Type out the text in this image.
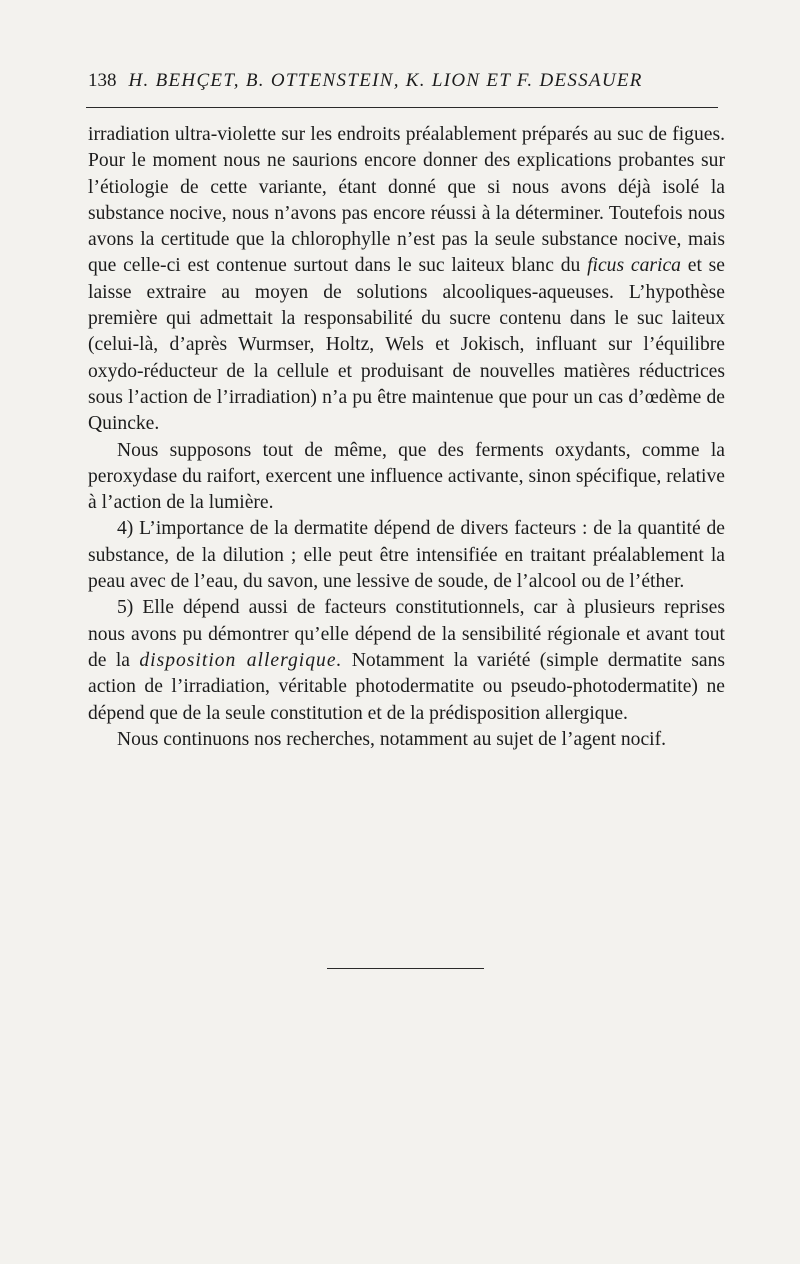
138 H. BEHÇET, B. OTTENSTEIN, K. LION ET F. DESSAUER

irradiation ultra-violette sur les endroits préalablement préparés au suc de figues. Pour le moment nous ne saurions encore donner des explications probantes sur l’étiologie de cette variante, étant donné que si nous avons déjà isolé la substance nocive, nous n’avons pas encore réussi à la déterminer. Toutefois nous avons la certitude que la chlorophylle n’est pas la seule substance nocive, mais que celle-ci est contenue surtout dans le suc laiteux blanc du ficus carica et se laisse extraire au moyen de solutions alcooliques-aqueuses. L’hypothèse première qui admettait la responsabilité du sucre contenu dans le suc laiteux (celui-là, d’après Wurmser, Holtz, Wels et Jokisch, influant sur l’équilibre oxydo-réducteur de la cellule et produisant de nouvelles matières réductrices sous l’action de l’irradiation) n’a pu être maintenue que pour un cas d’œdème de Quincke.

Nous supposons tout de même, que des ferments oxydants, comme la peroxydase du raifort, exercent une influence activante, sinon spécifique, relative à l’action de la lumière.

4) L’importance de la dermatite dépend de divers facteurs : de la quantité de substance, de la dilution ; elle peut être intensifiée en traitant préalablement la peau avec de l’eau, du savon, une lessive de soude, de l’alcool ou de l’éther.

5) Elle dépend aussi de facteurs constitutionnels, car à plusieurs reprises nous avons pu démontrer qu’elle dépend de la sensibilité régionale et avant tout de la disposition allergique. Notamment la variété (simple dermatite sans action de l’irradiation, véritable photodermatite ou pseudo-photodermatite) ne dépend que de la seule constitution et de la prédisposition allergique.

Nous continuons nos recherches, notamment au sujet de l’agent nocif.
